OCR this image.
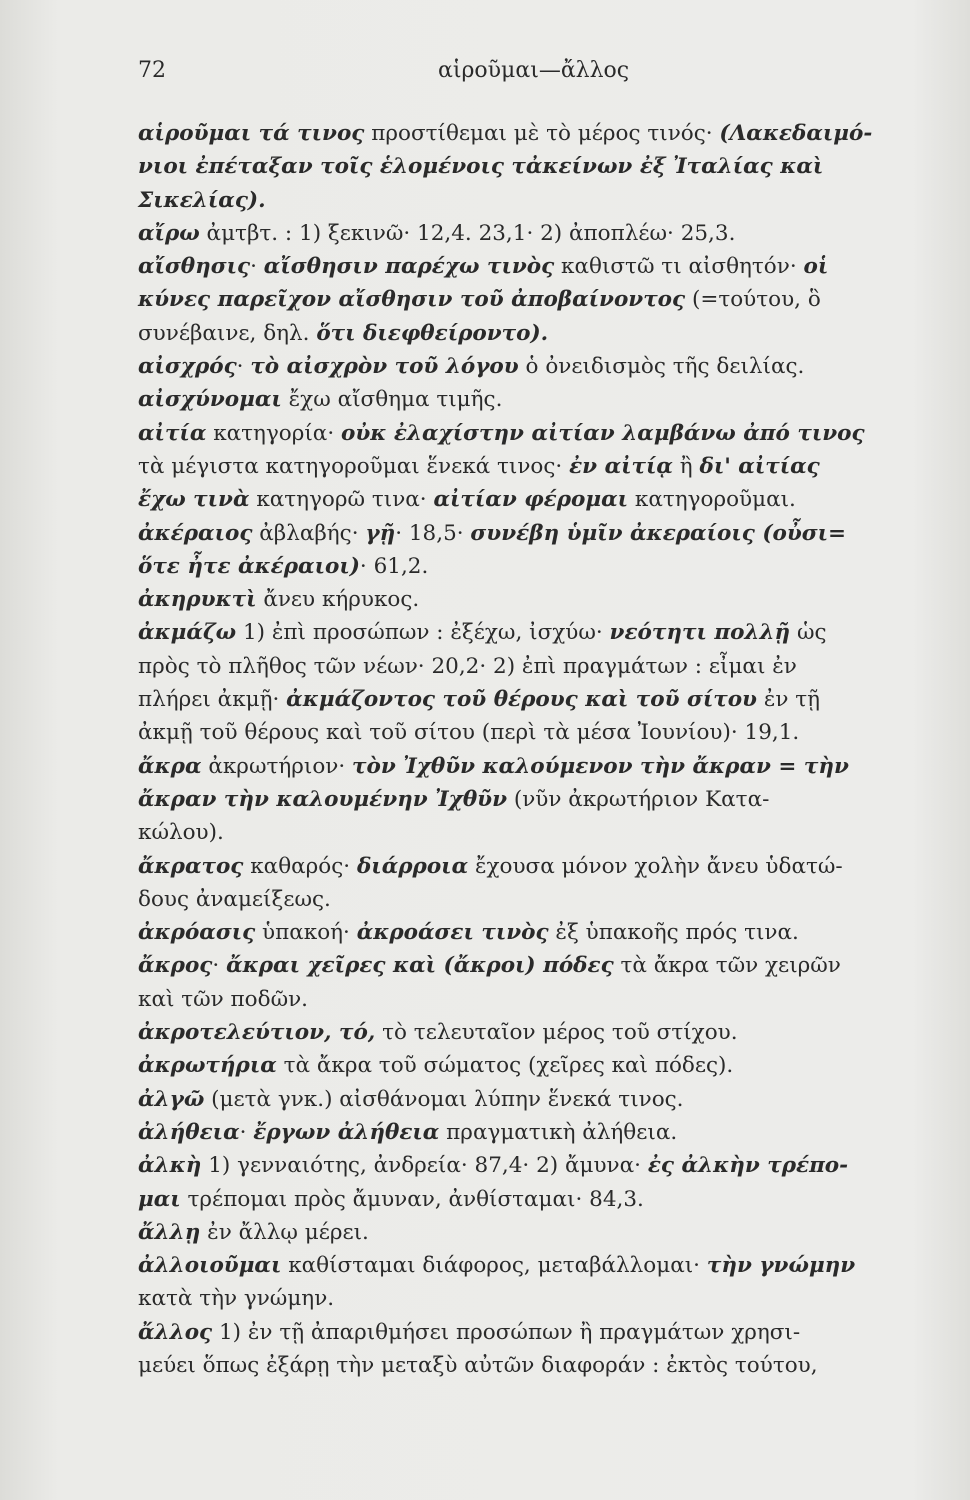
72	αἱροῦμαι—ἄλλος
αἱροῦμαι τά τινος προστίθεμαι μὲ τὸ μέρος τινός· (Λακεδαιμό-
νιοι ἐπέταξαν τοῖς ἑλομένοις τἀκείνων ἐξ Ἰταλίας καὶ
Σικελίας).
αἴρω ἀμτβτ. : 1) ξεκινῶ· 12,4. 23,1· 2) ἀποπλέω· 25,3.
αἴσθησις· αἴσθησιν παρέχω τινὸς καθιστῶ τι αἰσθητόν· οἱ
κύνες παρεῖχον αἴσθησιν τοῦ ἀποβαίνοντος (=τούτου, ὃ
συνέβαινε, δηλ. ὅτι διεφθείροντο).
αἰσχρός· τὸ αἰσχρὸν τοῦ λόγου ὁ ὀνειδισμὸς τῆς δειλίας.
αἰσχύνομαι ἔχω αἴσθημα τιμῆς.
αἰτία κατηγορία· οὐκ ἐλαχίστην αἰτίαν λαμβάνω ἀπό τινος
τὰ μέγιστα κατηγοροῦμαι ἕνεκά τινος· ἐν αἰτίᾳ ἢ δι' αἰτίας
ἔχω τινὰ κατηγορῶ τινα· αἰτίαν φέρομαι κατηγοροῦμαι.
ἀκέραιος ἀβλαβής· γῇ· 18,5· συνέβη ὑμῖν ἀκεραίοις (οὖσι=
ὅτε ἦτε ἀκέραιοι)· 61,2.
ἀκηρυκτὶ ἄνευ κήρυκος.
ἀκμάζω 1) ἐπὶ προσώπων : ἐξέχω, ἰσχύω· νεότητι πολλῇ ὡς
πρὸς τὸ πλῆθος τῶν νέων· 20,2· 2) ἐπὶ πραγμάτων : εἶμαι ἐν
πλήρει ἀκμῇ· ἀκμάζοντος τοῦ θέρους καὶ τοῦ σίτου ἐν τῇ
ἀκμῇ τοῦ θέρους καὶ τοῦ σίτου (περὶ τὰ μέσα Ἰουνίου)· 19,1.
ἄκρα ἀκρωτήριον· τὸν Ἰχθῦν καλούμενον τὴν ἄκραν = τὴν
ἄκραν τὴν καλουμένην Ἰχθῦν (νῦν ἀκρωτήριον Κατα-
κώλου).
ἄκρατος καθαρός· διάρροια ἔχουσα μόνον χολὴν ἄνευ ὑδατώ-
δους ἀναμείξεως.
ἀκρόασις ὑπακοή· ἀκροάσει τινὸς ἐξ ὑπακοῆς πρός τινα.
ἄκρος· ἄκραι χεῖρες καὶ (ἄκροι) πόδες τὰ ἄκρα τῶν χειρῶν
καὶ τῶν ποδῶν.
ἀκροτελεύτιον, τό, τὸ τελευταῖον μέρος τοῦ στίχου.
ἀκρωτήρια τὰ ἄκρα τοῦ σώματος (χεῖρες καὶ πόδες).
ἀλγῶ (μετὰ γνκ.) αἰσθάνομαι λύπην ἕνεκά τινος.
ἀλήθεια· ἔργων ἀλήθεια πραγματικὴ ἀλήθεια.
ἀλκὴ 1) γενναιότης, ἀνδρεία· 87,4· 2) ἄμυνα· ἐς ἀλκὴν τρέπο-
μαι τρέπομαι πρὸς ἄμυναν, ἀνθίσταμαι· 84,3.
ἄλλῃ ἐν ἄλλῳ μέρει.
ἀλλοιοῦμαι καθίσταμαι διάφορος, μεταβάλλομαι· τὴν γνώμην
κατὰ τὴν γνώμην.
ἄλλος 1) ἐν τῇ ἀπαριθμήσει προσώπων ἢ πραγμάτων χρησι-
μεύει ὅπως ἐξάρῃ τὴν μεταξὺ αὐτῶν διαφοράν : ἐκτὸς τούτου,
